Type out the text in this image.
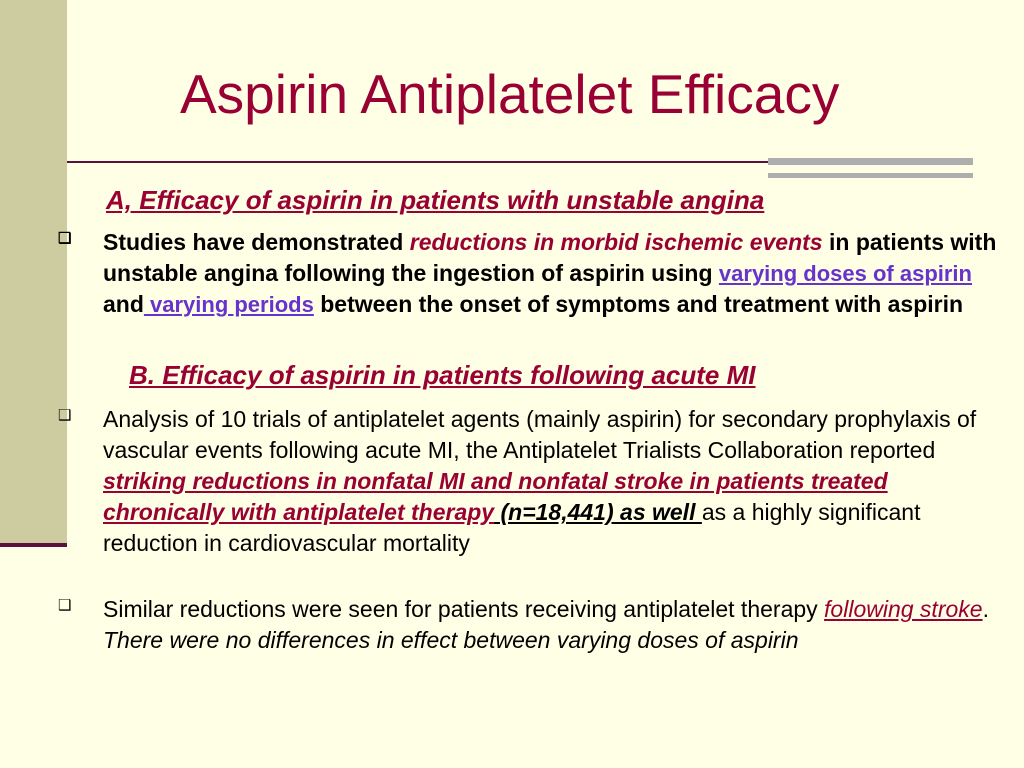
Aspirin Antiplatelet Efficacy
A, Efficacy of aspirin in patients with unstable angina
❑ Studies have demonstrated reductions in morbid ischemic events in patients with unstable angina following the ingestion of aspirin using varying doses of aspirin and varying periods between the onset of symptoms and treatment with aspirin
B. Efficacy of aspirin in patients following acute MI
❑ Analysis of 10 trials of antiplatelet agents (mainly aspirin) for secondary prophylaxis of vascular events following acute MI, the Antiplatelet Trialists Collaboration reported striking reductions in nonfatal MI and nonfatal stroke in patients treated chronically with antiplatelet therapy (n=18,441) as well as a highly significant reduction in cardiovascular mortality
❑ Similar reductions were seen for patients receiving antiplatelet therapy following stroke. There were no differences in effect between varying doses of aspirin
